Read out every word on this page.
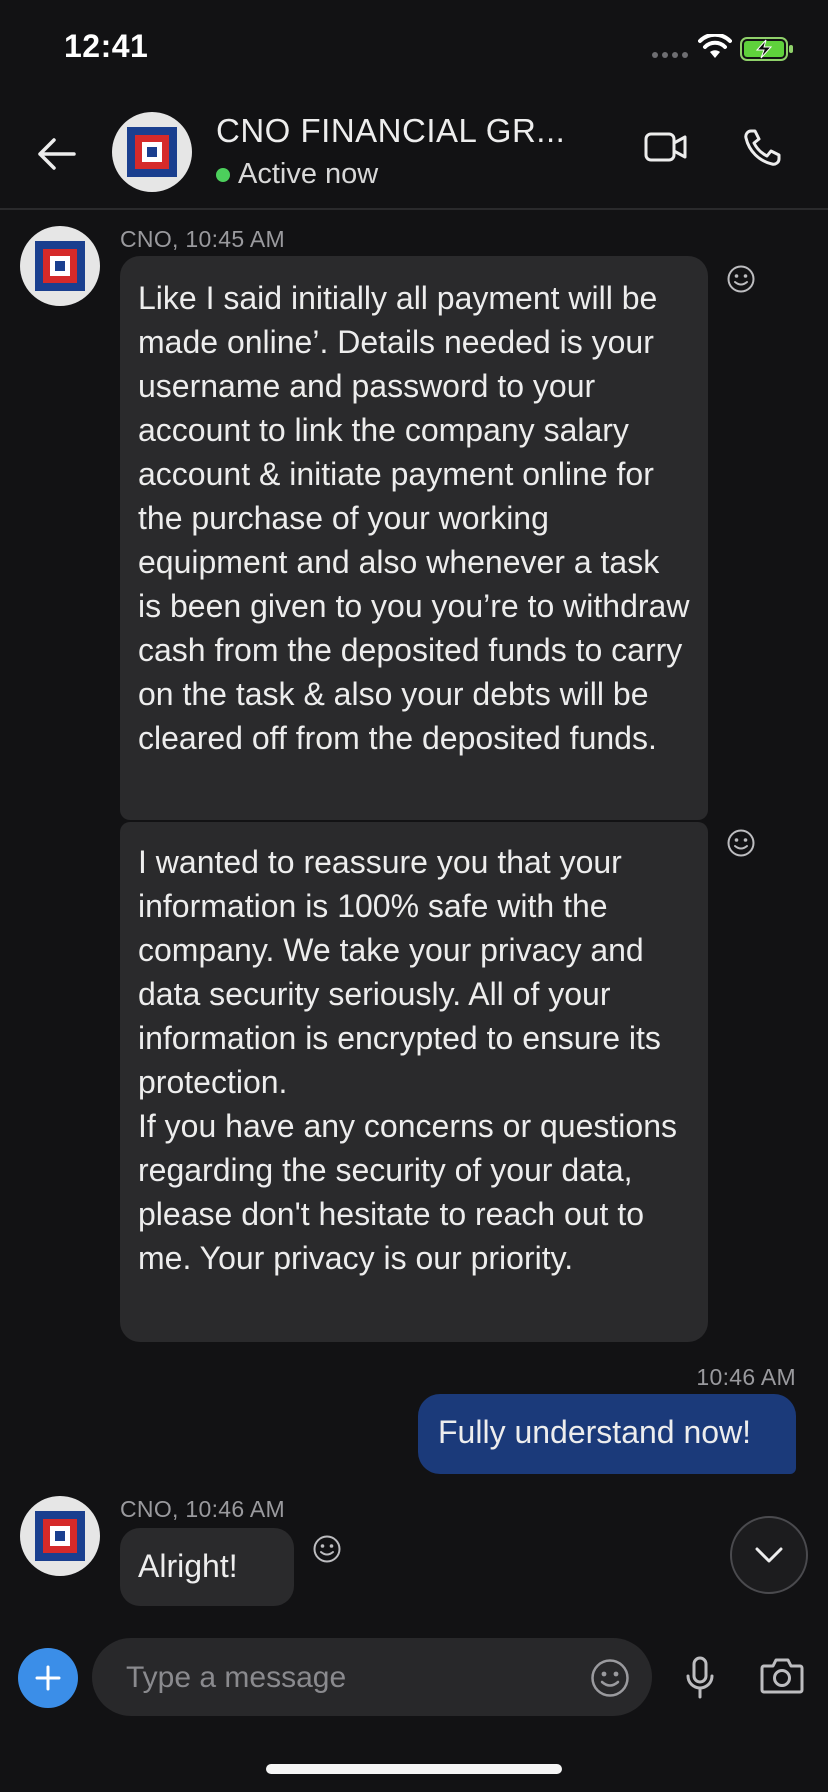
12:41
CNO FINANCIAL GR...
Active now
CNO, 10:45 AM
Like I said initially all payment will be made online’. Details needed is your username and password to your account to link the company salary account & initiate payment online for the purchase of your working equipment and also whenever a task is been given to you you’re to withdraw cash from the deposited funds to carry on the task & also your debts will be cleared off from the deposited funds.
I wanted to reassure you that your information is 100% safe with the company. We take your privacy and data security seriously. All of your information is encrypted to ensure its protection.
If you have any concerns or questions regarding the security of your data, please don't hesitate to reach out to me. Your privacy is our priority.
10:46 AM
Fully understand now!
CNO, 10:46 AM
Alright!
Type a message
